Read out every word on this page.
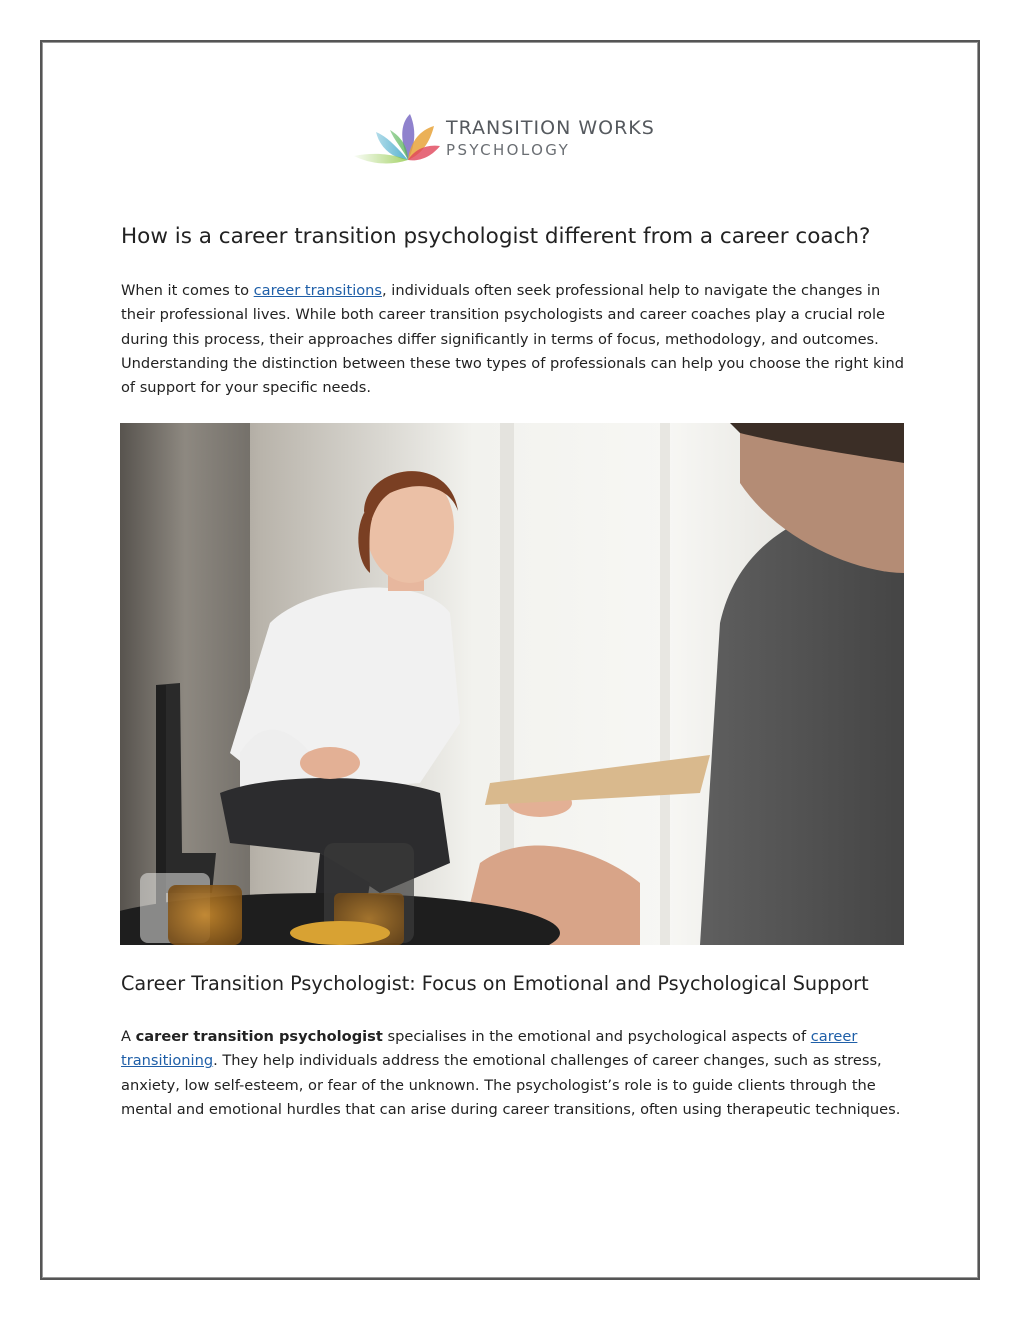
TRANSITION WORKS
PSYCHOLOGY
How is a career transition psychologist different from a career coach?
When it comes to career transitions, individuals often seek professional help to navigate the changes in their professional lives. While both career transition psychologists and career coaches play a crucial role during this process, their approaches differ significantly in terms of focus, methodology, and outcomes. Understanding the distinction between these two types of professionals can help you choose the right kind of support for your specific needs.
Career Transition Psychologist: Focus on Emotional and Psychological Support
A career transition psychologist specialises in the emotional and psychological aspects of career transitioning. They help individuals address the emotional challenges of career changes, such as stress, anxiety, low self-esteem, or fear of the unknown. The psychologist’s role is to guide clients through the mental and emotional hurdles that can arise during career transitions, often using therapeutic techniques.
